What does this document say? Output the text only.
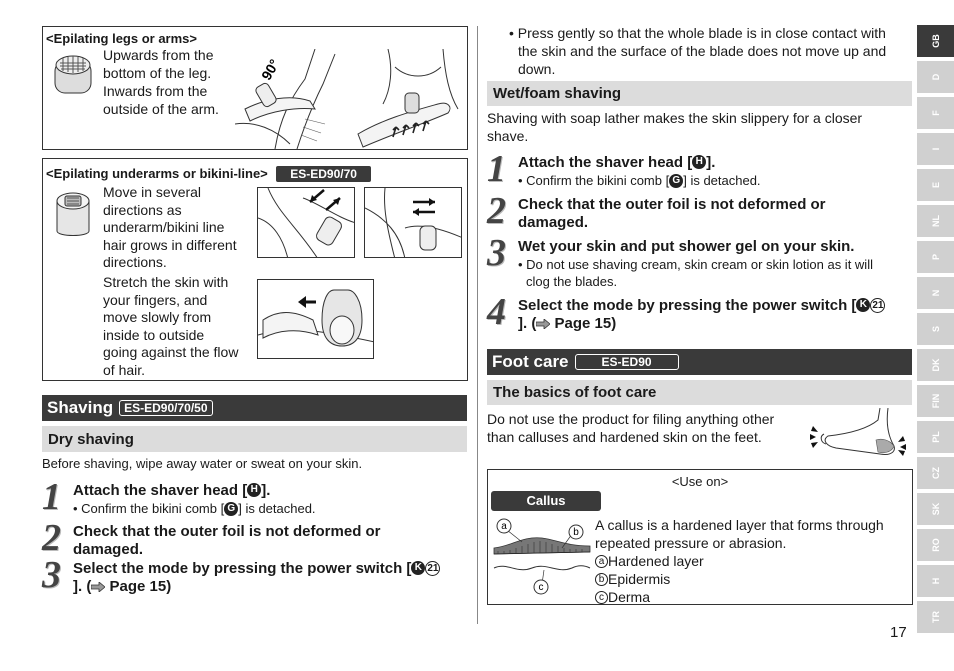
<Epilating legs or arms>
Upwards from the
bottom of the leg.
Inwards from the
outside of the arm.
90°
<Epilating underarms or bikini-line> ES-ED90/70
Move in several
directions as
underarm/bikini line
hair grows in different
directions.
Stretch the skin with
your fingers, and
move slowly from
inside to outside
going against the flow
of hair.
Shaving ES-ED90/70/50
Dry shaving
Before shaving, wipe away water or sweat on your skin.
1 Attach the shaver head [ H ].
• Confirm the bikini comb [ G ] is detached.
2 Check that the outer foil is not deformed or damaged.
3 Select the mode by pressing the power switch [ K 21]. ( Page 15)
• Press gently so that the whole blade is in close contact with the skin and the surface of the blade does not move up and down.
Wet/foam shaving
Shaving with soap lather makes the skin slippery for a closer shave.
1 Attach the shaver head [ H ].
• Confirm the bikini comb [ G ] is detached.
2 Check that the outer foil is not deformed or damaged.
3 Wet your skin and put shower gel on your skin.
• Do not use shaving cream, skin cream or skin lotion as it will clog the blades.
4 Select the mode by pressing the power switch [ K 21]. ( Page 15)
Foot care	ES-ED90
The basics of foot care
Do not use the product for filing anything other
than calluses and hardened skin on the feet.
<Use on>
Callus
a
b
c
A callus is a hardened layer that forms through
repeated pressure or abrasion.
a Hardened layer
b Epidermis
c Derma
17
GB
D
F
I
E
NL
P
N
S
DK
FIN
PL
CZ
SK
RO
H
TR
